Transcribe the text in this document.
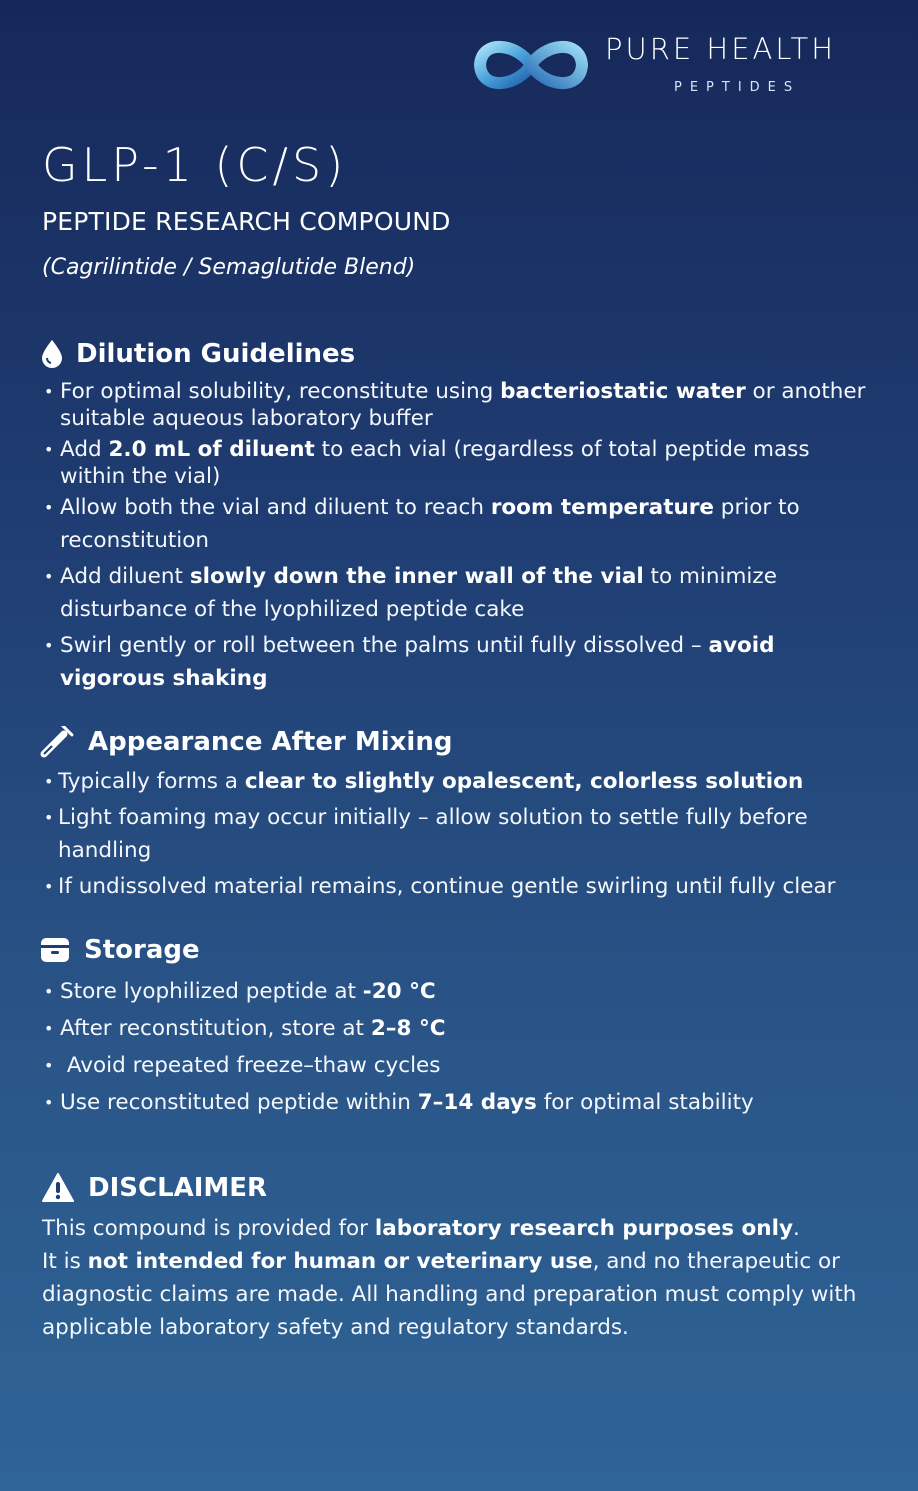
PURE HEALTH
PEPTIDES
GLP-1 (C/S)
PEPTIDE RESEARCH COMPOUND
(Cagrilintide / Semaglutide Blend)
Dilution Guidelines
• For optimal solubility, reconstitute using bacteriostatic water or another suitable aqueous laboratory buffer
• Add 2.0 mL of diluent to each vial (regardless of total peptide mass within the vial)
• Allow both the vial and diluent to reach room temperature prior to reconstitution
• Add diluent slowly down the inner wall of the vial to minimize disturbance of the lyophilized peptide cake
• Swirl gently or roll between the palms until fully dissolved – avoid vigorous shaking
Appearance After Mixing
• Typically forms a clear to slightly opalescent, colorless solution
• Light foaming may occur initially – allow solution to settle fully before handling
• If undissolved material remains, continue gentle swirling until fully clear
Storage
• Store lyophilized peptide at -20 °C
• After reconstitution, store at 2–8 °C
•  Avoid repeated freeze–thaw cycles
• Use reconstituted peptide within 7–14 days for optimal stability
DISCLAIMER

This compound is provided for laboratory research purposes only.
It is not intended for human or veterinary use, and no therapeutic or diagnostic claims are made. All handling and preparation must comply with applicable laboratory safety and regulatory standards.
